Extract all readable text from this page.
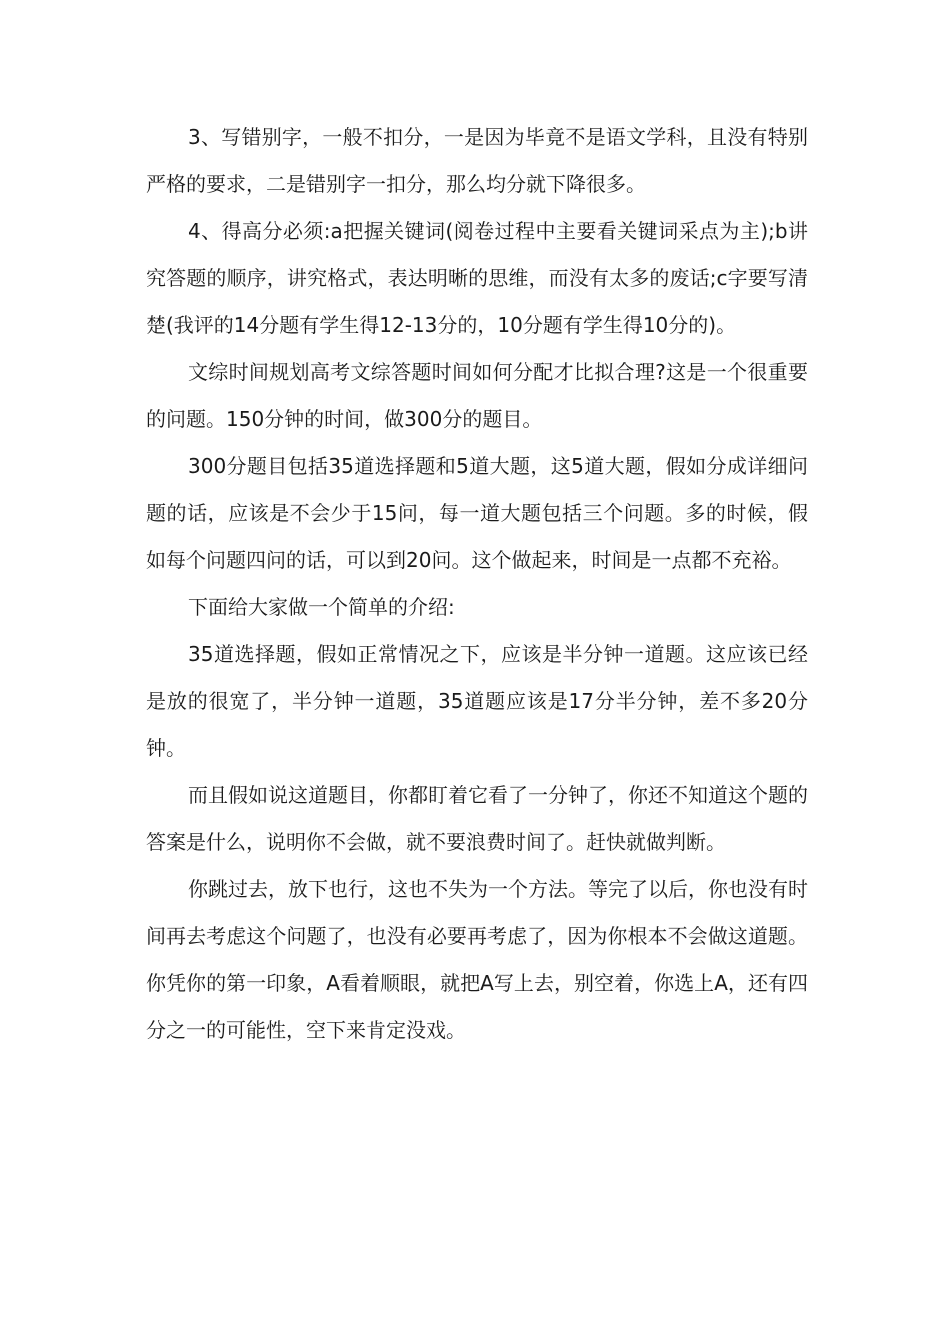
3、写错别字，一般不扣分，一是因为毕竟不是语文学科，且没有特别严格的要求，二是错别字一扣分，那么均分就下降很多。

4、得高分必须:a把握关键词(阅卷过程中主要看关键词采点为主);b讲究答题的顺序，讲究格式，表达明晰的思维，而没有太多的废话;c字要写清楚(我评的14分题有学生得12-13分的，10分题有学生得10分的)。

文综时间规划高考文综答题时间如何分配才比拟合理?这是一个很重要的问题。150分钟的时间，做300分的题目。

300分题目包括35道选择题和5道大题，这5道大题，假如分成详细问题的话，应该是不会少于15问，每一道大题包括三个问题。多的时候，假如每个问题四问的话，可以到20问。这个做起来，时间是一点都不充裕。

下面给大家做一个简单的介绍:

35道选择题，假如正常情况之下，应该是半分钟一道题。这应该已经是放的很宽了，半分钟一道题，35道题应该是17分半分钟，差不多20分钟。

而且假如说这道题目，你都盯着它看了一分钟了，你还不知道这个题的答案是什么，说明你不会做，就不要浪费时间了。赶快就做判断。

你跳过去，放下也行，这也不失为一个方法。等完了以后，你也没有时间再去考虑这个问题了，也没有必要再考虑了，因为你根本不会做这道题。你凭你的第一印象，A看着顺眼，就把A写上去，别空着，你选上A，还有四分之一的可能性，空下来肯定没戏。
